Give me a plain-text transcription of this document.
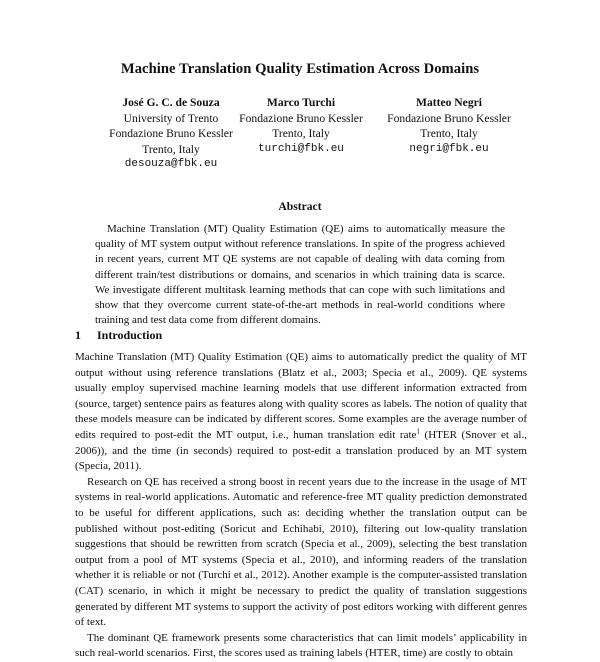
Machine Translation Quality Estimation Across Domains
José G. C. de Souza
University of Trento
Fondazione Bruno Kessler
Trento, Italy
desouza@fbk.eu
Marco Turchi
Fondazione Bruno Kessler
Trento, Italy
turchi@fbk.eu
Matteo Negri
Fondazione Bruno Kessler
Trento, Italy
negri@fbk.eu
Abstract
Machine Translation (MT) Quality Estimation (QE) aims to automatically measure the quality of MT system output without reference translations. In spite of the progress achieved in recent years, current MT QE systems are not capable of dealing with data coming from different train/test distributions or domains, and scenarios in which training data is scarce. We investigate different multitask learning methods that can cope with such limitations and show that they overcome current state-of-the-art methods in real-world conditions where training and test data come from different domains.
1 Introduction

Machine Translation (MT) Quality Estimation (QE) aims to automatically predict the quality of MT output without using reference translations (Blatz et al., 2003; Specia et al., 2009). QE systems usually employ supervised machine learning models that use different information extracted from (source, target) sentence pairs as features along with quality scores as labels. The notion of quality that these models measure can be indicated by different scores. Some examples are the average number of edits required to post-edit the MT output, i.e., human translation edit rate$^1$ (HTER (Snover et al., 2006)), and the time (in seconds) required to post-edit a translation produced by an MT system (Specia, 2011).

Research on QE has received a strong boost in recent years due to the increase in the usage of MT systems in real-world applications. Automatic and reference-free MT quality prediction demonstrated to be useful for different applications, such as: deciding whether the translation output can be published without post-editing (Soricut and Echihabi, 2010), filtering out low-quality translation suggestions that should be rewritten from scratch (Specia et al., 2009), selecting the best translation output from a pool of MT systems (Specia et al., 2010), and informing readers of the translation whether it is reliable or not (Turchi et al., 2012). Another example is the computer-assisted translation (CAT) scenario, in which it might be necessary to predict the quality of translation suggestions generated by different MT systems to support the activity of post editors working with different genres of text.

The dominant QE framework presents some characteristics that can limit models’ applicability in such real-world scenarios. First, the scores used as training labels (HTER, time) are costly to obtain
